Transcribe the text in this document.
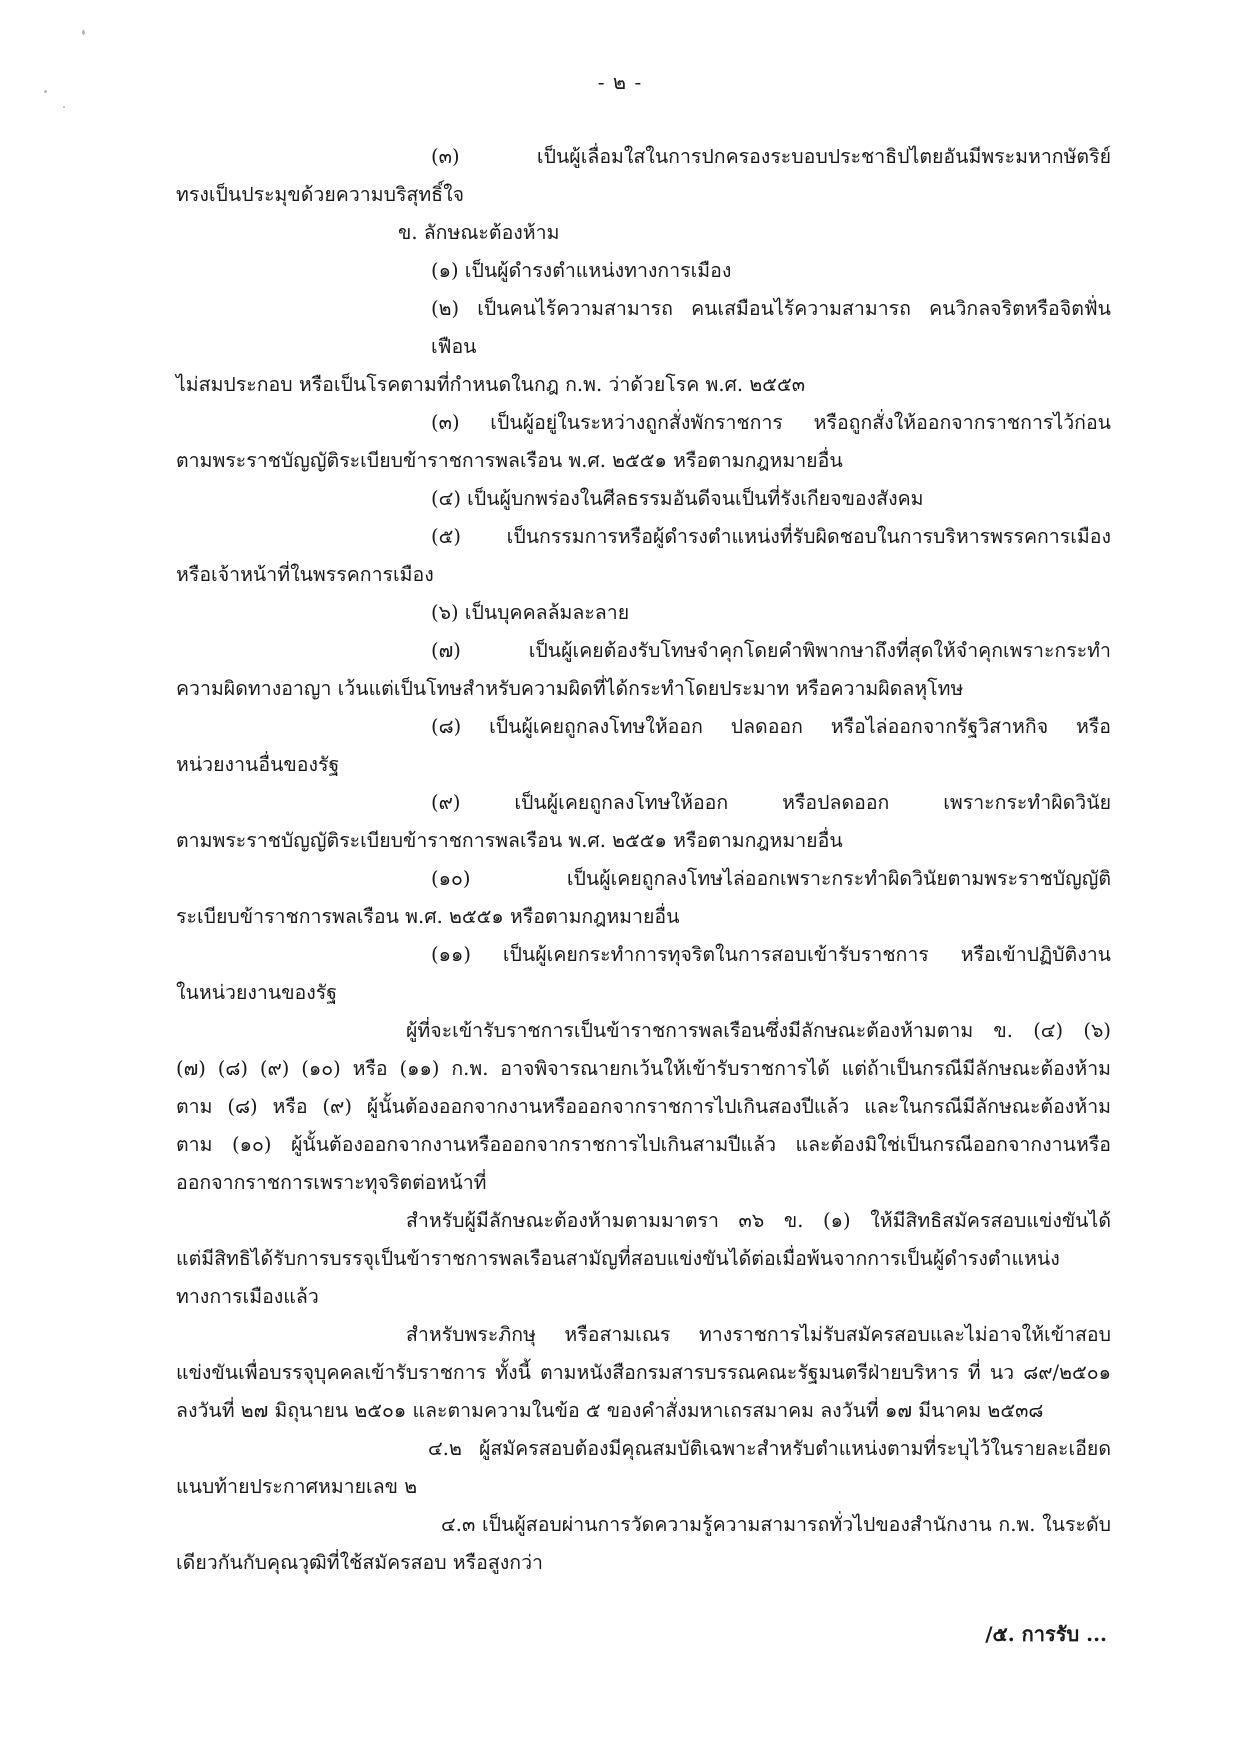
- ๒ -
(๓) เป็นผู้เลื่อมใสในการปกครองระบอบประชาธิปไตยอันมีพระมหากษัตริย์
ทรงเป็นประมุขด้วยความบริสุทธิ์ใจ
ข. ลักษณะต้องห้าม
(๑) เป็นผู้ดำรงตำแหน่งทางการเมือง
(๒) เป็นคนไร้ความสามารถ คนเสมือนไร้ความสามารถ คนวิกลจริตหรือจิตฟั่นเฟือน
ไม่สมประกอบ หรือเป็นโรคตามที่กำหนดในกฎ ก.พ. ว่าด้วยโรค พ.ศ. ๒๕๕๓
(๓) เป็นผู้อยู่ในระหว่างถูกสั่งพักราชการ หรือถูกสั่งให้ออกจากราชการไว้ก่อน
ตามพระราชบัญญัติระเบียบข้าราชการพลเรือน พ.ศ. ๒๕๕๑ หรือตามกฎหมายอื่น
(๔) เป็นผู้บกพร่องในศีลธรรมอันดีจนเป็นที่รังเกียจของสังคม
(๕) เป็นกรรมการหรือผู้ดำรงตำแหน่งที่รับผิดชอบในการบริหารพรรคการเมือง
หรือเจ้าหน้าที่ในพรรคการเมือง
(๖) เป็นบุคคลล้มละลาย
(๗) เป็นผู้เคยต้องรับโทษจำคุกโดยคำพิพากษาถึงที่สุดให้จำคุกเพราะกระทำ
ความผิดทางอาญา เว้นแต่เป็นโทษสำหรับความผิดที่ได้กระทำโดยประมาท หรือความผิดลหุโทษ
(๘) เป็นผู้เคยถูกลงโทษให้ออก ปลดออก หรือไล่ออกจากรัฐวิสาหกิจ หรือ
หน่วยงานอื่นของรัฐ
(๙) เป็นผู้เคยถูกลงโทษให้ออก หรือปลดออก เพราะกระทำผิดวินัย
ตามพระราชบัญญัติระเบียบข้าราชการพลเรือน พ.ศ. ๒๕๕๑ หรือตามกฎหมายอื่น
(๑๐) เป็นผู้เคยถูกลงโทษไล่ออกเพราะกระทำผิดวินัยตามพระราชบัญญัติ
ระเบียบข้าราชการพลเรือน พ.ศ. ๒๕๕๑ หรือตามกฎหมายอื่น
(๑๑) เป็นผู้เคยกระทำการทุจริตในการสอบเข้ารับราชการ หรือเข้าปฏิบัติงาน
ในหน่วยงานของรัฐ
ผู้ที่จะเข้ารับราชการเป็นข้าราชการพลเรือนซึ่งมีลักษณะต้องห้ามตาม ข. (๔) (๖)
(๗) (๘) (๙) (๑๐) หรือ (๑๑) ก.พ. อาจพิจารณายกเว้นให้เข้ารับราชการได้ แต่ถ้าเป็นกรณีมีลักษณะต้องห้าม
ตาม (๘) หรือ (๙) ผู้นั้นต้องออกจากงานหรือออกจากราชการไปเกินสองปีแล้ว และในกรณีมีลักษณะต้องห้าม
ตาม (๑๐) ผู้นั้นต้องออกจากงานหรือออกจากราชการไปเกินสามปีแล้ว และต้องมิใช่เป็นกรณีออกจากงานหรือ
ออกจากราชการเพราะทุจริตต่อหน้าที่
สำหรับผู้มีลักษณะต้องห้ามตามมาตรา ๓๖ ข. (๑) ให้มีสิทธิสมัครสอบแข่งขันได้
แต่มีสิทธิได้รับการบรรจุเป็นข้าราชการพลเรือนสามัญที่สอบแข่งขันได้ต่อเมื่อพ้นจากการเป็นผู้ดำรงตำแหน่ง
ทางการเมืองแล้ว
สำหรับพระภิกษุ หรือสามเณร ทางราชการไม่รับสมัครสอบและไม่อาจให้เข้าสอบ
แข่งขันเพื่อบรรจุบุคคลเข้ารับราชการ ทั้งนี้ ตามหนังสือกรมสารบรรณคณะรัฐมนตรีฝ่ายบริหาร ที่ นว ๘๙/๒๕๐๑
ลงวันที่ ๒๗ มิถุนายน ๒๕๐๑ และตามความในข้อ ๕ ของคำสั่งมหาเถรสมาคม ลงวันที่ ๑๗ มีนาคม ๒๕๓๘
๔.๒ ผู้สมัครสอบต้องมีคุณสมบัติเฉพาะสำหรับตำแหน่งตามที่ระบุไว้ในรายละเอียด
แนบท้ายประกาศหมายเลข ๒
๔.๓ เป็นผู้สอบผ่านการวัดความรู้ความสามารถทั่วไปของสำนักงาน ก.พ. ในระดับ
เดียวกันกับคุณวุฒิที่ใช้สมัครสอบ หรือสูงกว่า
/๕. การรับ ...
